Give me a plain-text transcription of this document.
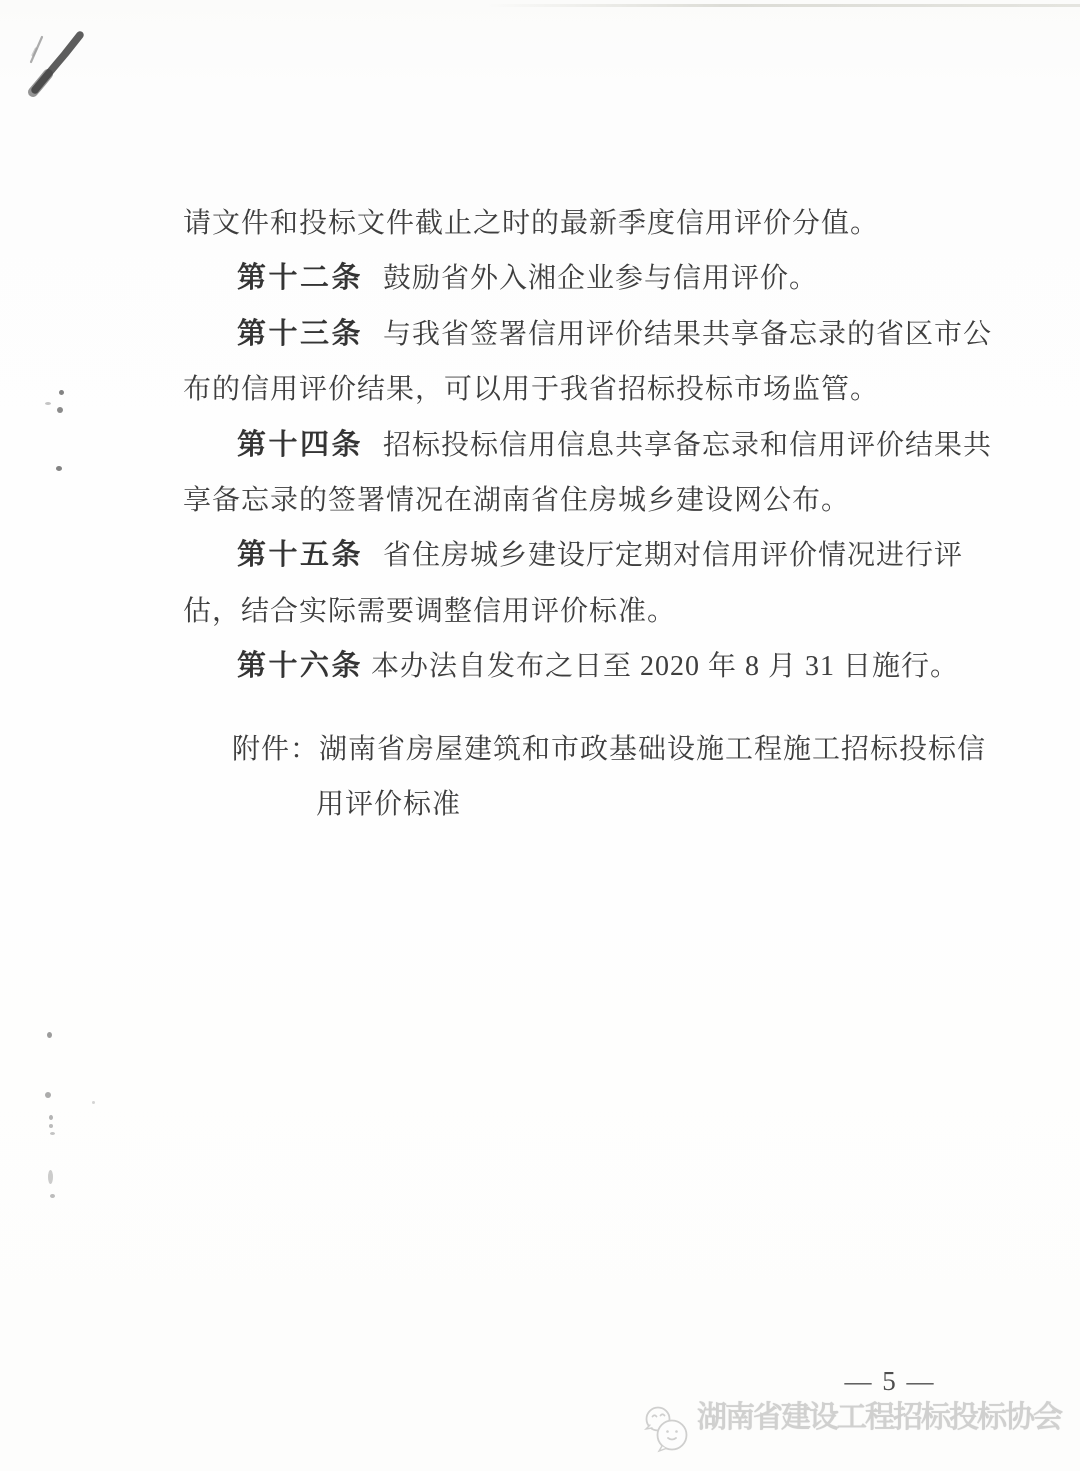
请文件和投标文件截止之时的最新季度信用评价分值。
第十二条 鼓励省外入湘企业参与信用评价。
第十三条 与我省签署信用评价结果共享备忘录的省区市公
布的信用评价结果，可以用于我省招标投标市场监管。
第十四条 招标投标信用信息共享备忘录和信用评价结果共
享备忘录的签署情况在湖南省住房城乡建设网公布。
第十五条 省住房城乡建设厅定期对信用评价情况进行评
估，结合实际需要调整信用评价标准。
第十六条 本办法自发布之日至 2020 年 8 月 31 日施行。
附件：湖南省房屋建筑和市政基础设施工程施工招标投标信
用评价标准
— 5 —
湖南省建设工程招标投标协会
